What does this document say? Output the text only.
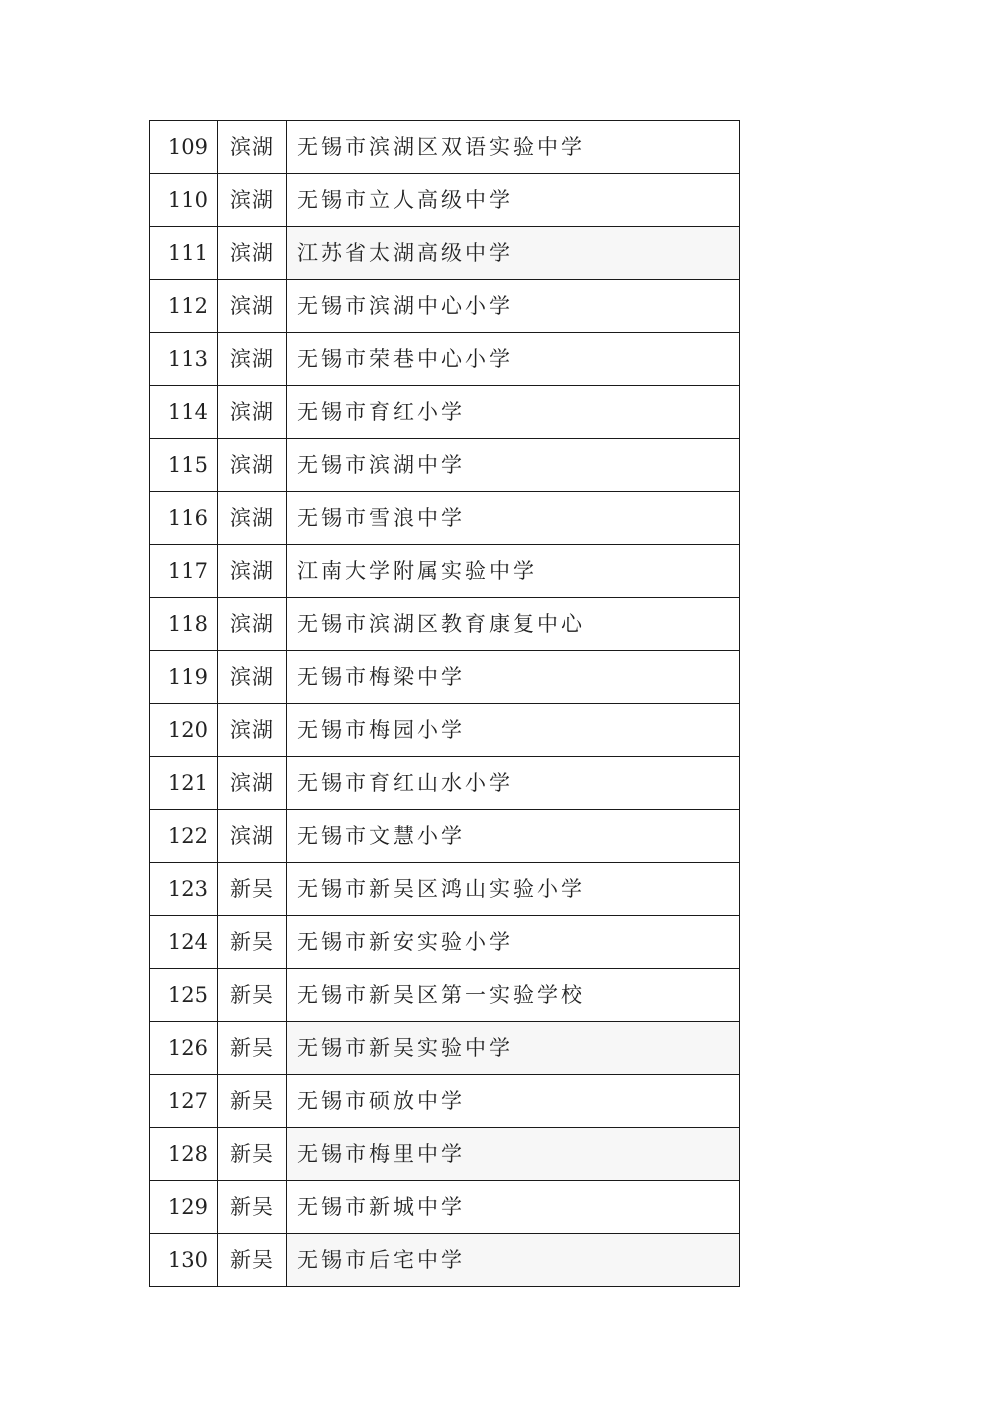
109	滨湖	无锡市滨湖区双语实验中学
110	滨湖	无锡市立人高级中学
111	滨湖	江苏省太湖高级中学
112	滨湖	无锡市滨湖中心小学
113	滨湖	无锡市荣巷中心小学
114	滨湖	无锡市育红小学
115	滨湖	无锡市滨湖中学
116	滨湖	无锡市雪浪中学
117	滨湖	江南大学附属实验中学
118	滨湖	无锡市滨湖区教育康复中心
119	滨湖	无锡市梅梁中学
120	滨湖	无锡市梅园小学
121	滨湖	无锡市育红山水小学
122	滨湖	无锡市文慧小学
123	新吴	无锡市新吴区鸿山实验小学
124	新吴	无锡市新安实验小学
125	新吴	无锡市新吴区第一实验学校
126	新吴	无锡市新吴实验中学
127	新吴	无锡市硕放中学
128	新吴	无锡市梅里中学
129	新吴	无锡市新城中学
130	新吴	无锡市后宅中学
